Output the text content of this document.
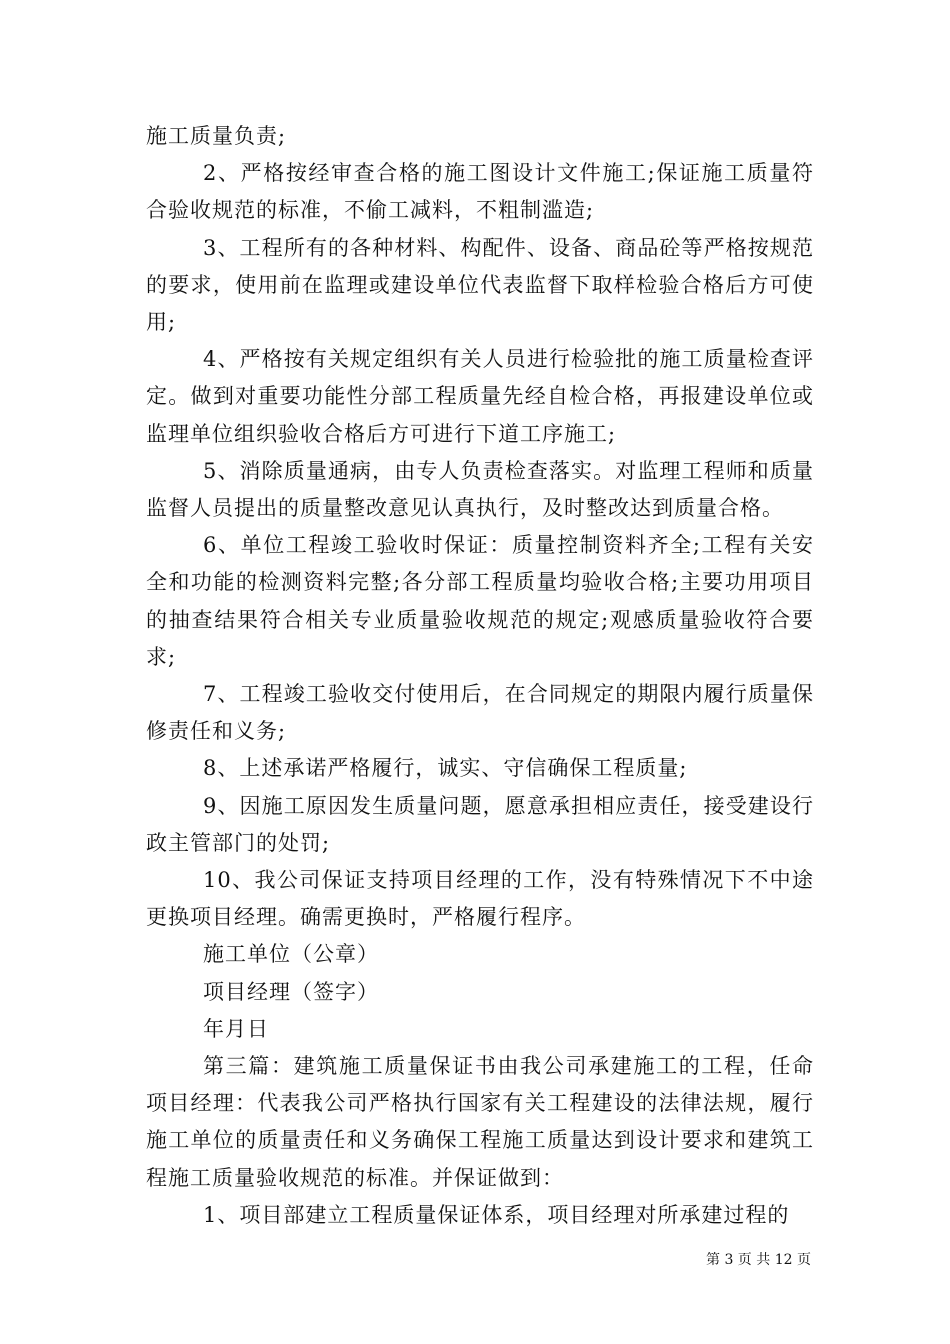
施工质量负责;

2、严格按经审查合格的施工图设计文件施工;保证施工质量符合验收规范的标准，不偷工减料，不粗制滥造;

3、工程所有的各种材料、构配件、设备、商品砼等严格按规范的要求，使用前在监理或建设单位代表监督下取样检验合格后方可使用;

4、严格按有关规定组织有关人员进行检验批的施工质量检查评定。做到对重要功能性分部工程质量先经自检合格，再报建设单位或监理单位组织验收合格后方可进行下道工序施工;

5、消除质量通病，由专人负责检查落实。对监理工程师和质量监督人员提出的质量整改意见认真执行，及时整改达到质量合格。

6、单位工程竣工验收时保证：质量控制资料齐全;工程有关安全和功能的检测资料完整;各分部工程质量均验收合格;主要功用项目的抽查结果符合相关专业质量验收规范的规定;观感质量验收符合要求;

7、工程竣工验收交付使用后，在合同规定的期限内履行质量保修责任和义务;

8、上述承诺严格履行，诚实、守信确保工程质量;

9、因施工原因发生质量问题，愿意承担相应责任，接受建设行政主管部门的处罚;

10、我公司保证支持项目经理的工作，没有特殊情况下不中途更换项目经理。确需更换时，严格履行程序。

施工单位（公章）

项目经理（签字）

年月日

第三篇：建筑施工质量保证书由我公司承建施工的工程，任命项目经理：代表我公司严格执行国家有关工程建设的法律法规，履行施工单位的质量责任和义务确保工程施工质量达到设计要求和建筑工程施工质量验收规范的标准。并保证做到：

1、项目部建立工程质量保证体系，项目经理对所承建过程的

第 3 页 共 12 页
